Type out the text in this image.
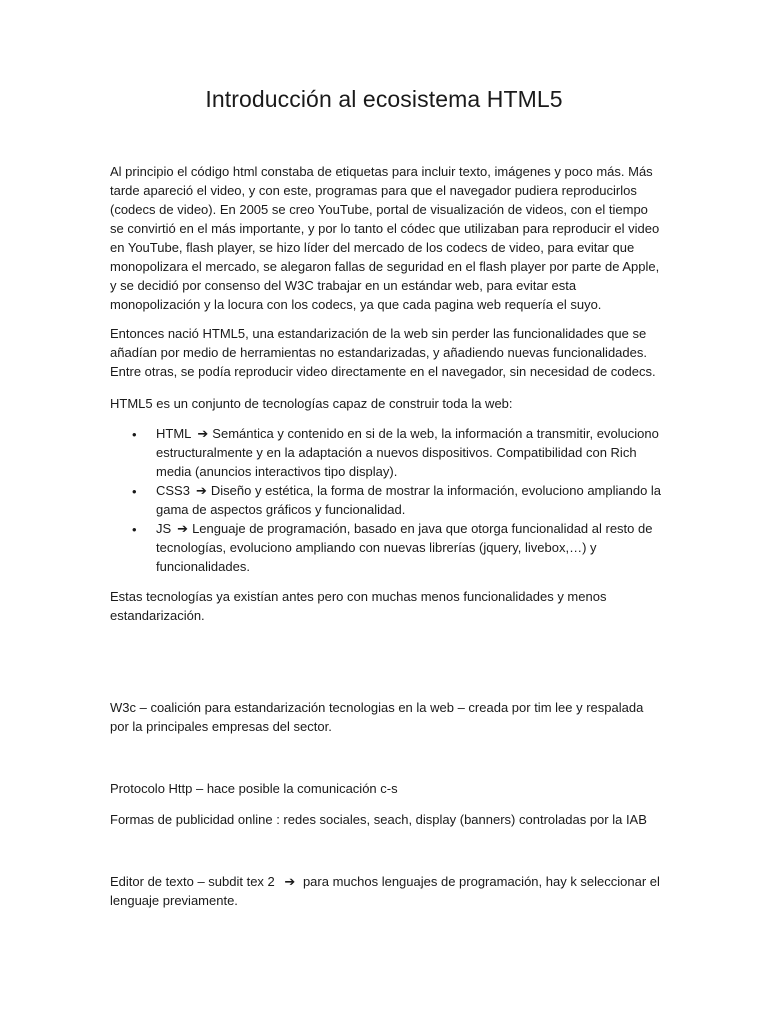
Introducción al ecosistema HTML5

Al principio el código html constaba de etiquetas para incluir texto, imágenes y poco más. Más tarde apareció el video, y con este, programas para que el navegador pudiera reproducirlos (codecs de video). En 2005 se creo YouTube, portal de visualización de videos, con el tiempo se convirtió en el más importante, y por lo tanto el códec que utilizaban para reproducir el video en YouTube, flash player, se hizo líder del mercado de los codecs de video, para evitar que monopolizara el mercado, se alegaron fallas de seguridad en el flash player por parte de Apple, y se decidió por consenso del W3C trabajar en un estándar web, para evitar esta monopolización y la locura con los codecs, ya que cada pagina web requería el suyo.

Entonces nació HTML5, una estandarización de la web sin perder las funcionalidades que se añadían por medio de herramientas no estandarizadas, y añadiendo nuevas funcionalidades. Entre otras, se podía reproducir video directamente en el navegador, sin necesidad de codecs.

HTML5 es un conjunto de tecnologías capaz de construir toda la web:

• HTML ➔ Semántica y contenido en si de la web, la información a transmitir, evoluciono estructuralmente y en la adaptación a nuevos dispositivos. Compatibilidad con Rich media (anuncios interactivos tipo display).
• CSS3 ➔ Diseño y estética, la forma de mostrar la información, evoluciono ampliando la gama de aspectos gráficos y funcionalidad.
• JS ➔ Lenguaje de programación, basado en java que otorga funcionalidad al resto de tecnologías, evoluciono ampliando con nuevas librerías (jquery, livebox,…) y funcionalidades.

Estas tecnologías ya existían antes pero con muchas menos funcionalidades y menos estandarización.

W3c – coalición para estandarización tecnologias en la web – creada por tim lee y respalada por la principales empresas del sector.

Protocolo Http – hace posible la comunicación c-s

Formas de publicidad online : redes sociales, seach, display (banners) controladas por la IAB

Editor de texto – subdit tex 2 ➔ para muchos lenguajes de programación, hay k seleccionar el lenguaje previamente.
